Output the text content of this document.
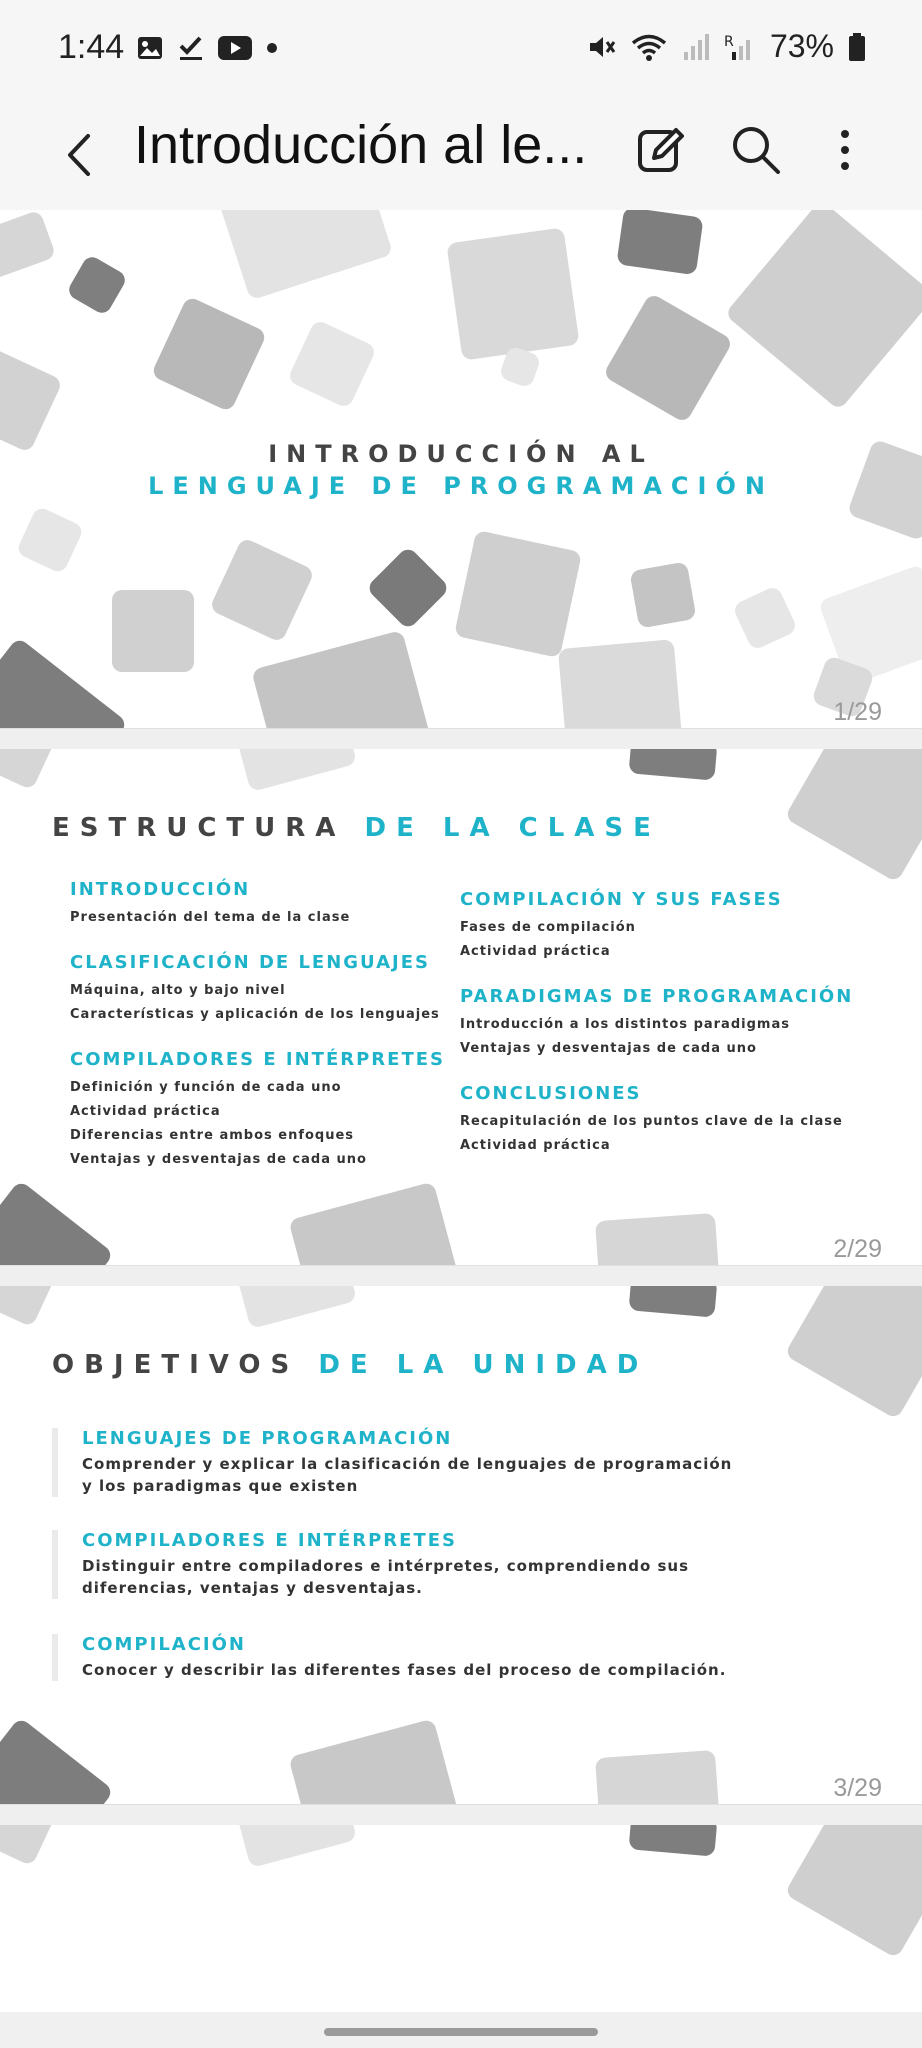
1:44	R 73%
Introducción al le...
INTRODUCCIÓN AL
LENGUAJE DE PROGRAMACIÓN
1/29
ESTRUCTURA DE LA CLASE
INTRODUCCIÓN

Presentación del tema de la clase

CLASIFICACIÓN DE LENGUAJES

Máquina, alto y bajo nivel

Características y aplicación de los lenguajes

COMPILADORES E INTÉRPRETES

Definición y función de cada uno

Actividad práctica

Diferencias entre ambos enfoques

Ventajas y desventajas de cada uno

COMPILACIÓN Y SUS FASES

Fases de compilación

Actividad práctica

PARADIGMAS DE PROGRAMACIÓN

Introducción a los distintos paradigmas

Ventajas y desventajas de cada uno

CONCLUSIONES

Recapitulación de los puntos clave de la clase

Actividad práctica

2/29
OBJETIVOS DE LA UNIDAD
LENGUAJES DE PROGRAMACIÓN

Comprender y explicar la clasificación de lenguajes de programación y los paradigmas que existen

COMPILADORES E INTÉRPRETES

Distinguir entre compiladores e intérpretes, comprendiendo sus diferencias, ventajas y desventajas.

COMPILACIÓN

Conocer y describir las diferentes fases del proceso de compilación.

3/29
